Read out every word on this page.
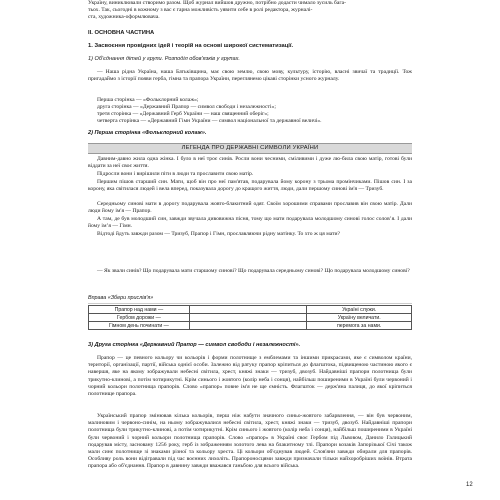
Україну, виниклювали створимо разом. Щоб журнал вийшов дружно, потрібно додасти чимало зусиль бага-

тьох. Так, сьогодні в кожному з вас є гарна можливість уявити себе в ролі редактора, журналі-

ста, художника-оформлювача.

ІІ. ОСНОВНА ЧАСТИНА

1. Засвоєння провідних ідей і теорій на основі широкої систематизації.

1) Об'єднання дітей у групи. Розподіл обов'язків у групах.

— Наша рідна Україна, наша Батьківщина, має свою землю, свою мову, культуру, історію, власні звичаї та традиції. Тож пригадаймо з історії появи герба, гімна та прапора України, переглянемо цікаві сторінки усного журналу.

Перша сторінка — «Фольклорний колаж»;

друга сторінка — «Державний Прапор — символ свободи і незалежності»;

третя сторінка — «Державний Герб України — наш священний оберіг»;

четверта сторінка — «Державний Гімн України — символ національної та державної величі».

2) Перша сторінка «Фольклорний колаж».

ЛЕГЕНДА ПРО ДЕРЖАВНІ СИМВОЛИ УКРАЇНИ

Давним-давно жила одна жінка. І було в неї троє синів. Росли вони чесними, сміливими і дуже лю-била свою матір, готові були віддати за неї своє життя.

Підросли вони і вирішили піти в люди та прославити свою матір.

Першим пішов старший син. Мати, щоб він про неї пам'ятав, подарувала йому корону з трьома промінчиками. Пішов син. І за корону, яка світилася людей і вела вперед, показувала дорогу до кращого життя, люди, дали першому синові ім'я — Тризуб.

Середньому синові мати в дорогу подарувала жовто-блакитний одяг. Своїм хорошими справами прославив він свою матір. Дали люди йому ім'я — Прапор.

А там, де був молодший син, завжди звучала дивовижна пісня, тому що мати подарувала молодшому синові голос соловʼя. І дали йому імʼя — Гімн.

Відтоді йдуть завжди разом — Тризуб, Прапор і Гімн, прославляючи рідну матінку. То хто ж ця мати?

— Як звали синів? Що подарувала мати старшому синові? Що подарувала середньому синові? Що подарувала молодшому синові?

Вправа «Збери прислів'я»
Прапор над нами —		Україні служи.
Гербом дорожи —		Україну величати.
Гімном день починати —		перемога за нами.

3) Друга сторінка «Державний Прапор — символ свободи і незалежності».

Прапор — це певного кольору чи кольорів і форми полотнище з емблемами та іншими прикрасами, яке є символом країни, території, організації, партії, війська однієї особи. Залежно від ратуку прапор кріпиться до флагштока, підвищеною частиною якого є навершя, яке на якому зображували небесні світила, хрест, княжі знаки — тризуб, двозуб. Найдавніші прапори полотнища були трикутно-клинові, а потім чотирикутні. Крім синього і жовтого (колір неба і сонця), найбільш поширеними в Україні були червоний і чорний кольори полотнища прапорів. Слово «прапор» повне ім'я не ще ємність. Флагшток — держ'яна палиця, до якої кріпиться полотнище прапора.

Український прапор змінював кілька кольорів, перш ніж набути значного синьо-жовтого забарвлення, — він був червоним, малиновим і червоно-синім, на ньому зображувалися небесні світила, хрест, княжі знаки — тризуб, двозуб. Найдавніші прапори полотнища були трикутно-клинові, а потім чотирикутні. Крім синього і жовтого (колір неба і сонця), найбільш поширеними в Україні були червоний і чорний кольори полотнища прапорів. Слово «прапор» в Україні своє Гербом під Львовом, Данило Галицький подарував місту, засновану 1256 року, герб із зображенням золотого лева на блакитному тлі. Прапори козаків Запорізької Січі також мали синє полотнище зі знаками різної та кольору хреста. Ці кольори об'єднував людей. Слов'яни завжди обирали для прапорів. Особливу роль вони відігравали під час воєнних лихоліть. Прапороносцями завжди призначали тільки найхоробріших воїнів. Втрата прапора або об'єднання. Прапор в давнину завжди вважався ганьбою для всього війська.

12
